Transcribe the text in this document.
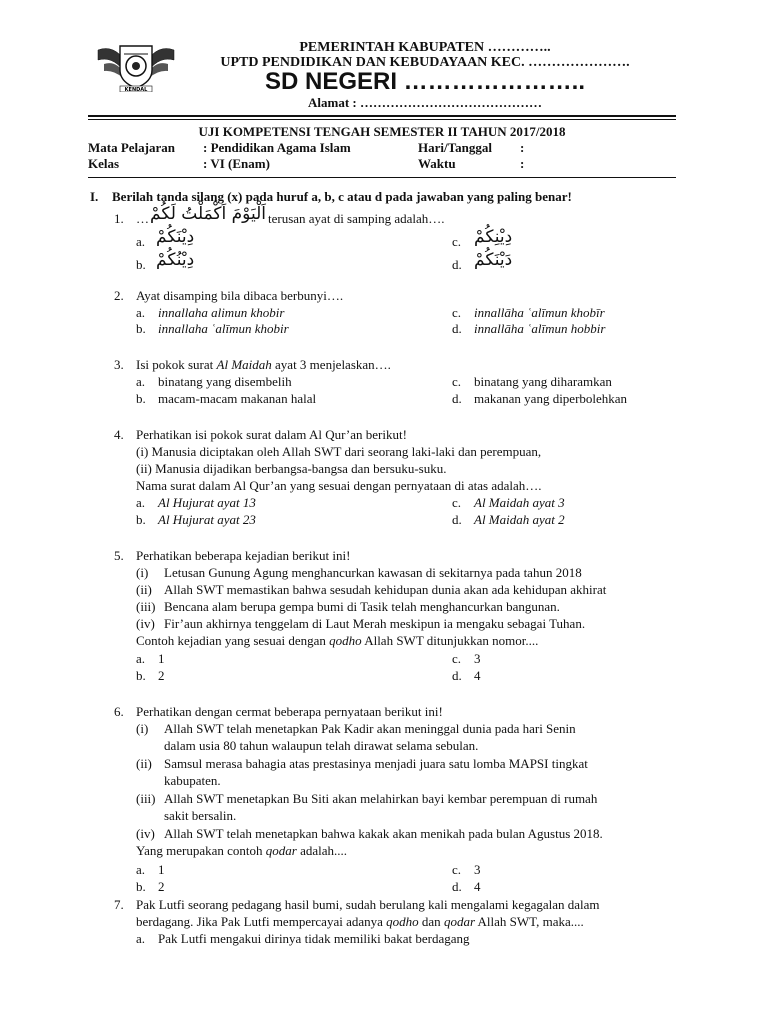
KENDAL
PEMERINTAH KABUPATEN …………..
UPTD PENDIDIKAN DAN KEBUDAYAAN KEC. ………………….
SD NEGERI …………………..
Alamat : ……………………………………
UJI KOMPETENSI TENGAH SEMESTER II TAHUN 2017/2018
Mata Pelajaran : Pendidikan Agama Islam	Hari/Tanggal :
Kelas	: VI (Enam)	Waktu	:
I. Berilah tanda silang (x) pada huruf a, b, c atau d pada jawaban yang paling benar!
1. … اَلْيَوْمَ اَكْمَلْتُ لَكُمْ terusan ayat di samping adalah….
a. دِيْنَكُمْ
b. دِيْنُكُمْ
c. دِيْنِكُمْ
d. دَيْنَكُمْ
2. Ayat disamping bila dibaca berbunyi….
a. innallaha alimun khobir
b. innallaha ʿalīmun khobir
c. innallāha ʿalīmun khobīr
d. innallāha ʿalīmun hobbir
3. Isi pokok surat Al Maidah ayat 3 menjelaskan….
a. binatang yang disembelih
b. macam-macam makanan halal
c. binatang yang diharamkan
d. makanan yang diperbolehkan
4. Perhatikan isi pokok surat dalam Al Qur’an berikut!
(i) Manusia diciptakan oleh Allah SWT dari seorang laki-laki dan perempuan,
(ii) Manusia dijadikan berbangsa-bangsa dan bersuku-suku.
Nama surat dalam Al Qur’an yang sesuai dengan pernyataan di atas adalah….
a. Al Hujurat ayat 13
b. Al Hujurat ayat 23
c. Al Maidah ayat 3
d. Al Maidah ayat 2
5. Perhatikan beberapa kejadian berikut ini!
(i) Letusan Gunung Agung menghancurkan kawasan di sekitarnya pada tahun 2018
(ii) Allah SWT memastikan bahwa sesudah kehidupan dunia akan ada kehidupan akhirat
(iii) Bencana alam berupa gempa bumi di Tasik telah menghancurkan bangunan.
(iv) Fir’aun akhirnya tenggelam di Laut Merah meskipun ia mengaku sebagai Tuhan.
Contoh kejadian yang sesuai dengan qodho Allah SWT ditunjukkan nomor....
a. 1
b. 2
c. 3
d. 4
6. Perhatikan dengan cermat beberapa pernyataan berikut ini!
(i) Allah SWT telah menetapkan Pak Kadir akan meninggal dunia pada hari Senin
dalam usia 80 tahun walaupun telah dirawat selama sebulan.
(ii) Samsul merasa bahagia atas prestasinya menjadi juara satu lomba MAPSI tingkat
kabupaten.
(iii) Allah SWT menetapkan Bu Siti akan melahirkan bayi kembar perempuan di rumah
sakit bersalin.
(iv) Allah SWT telah menetapkan bahwa kakak akan menikah pada bulan Agustus 2018.
Yang merupakan contoh qodar adalah....
a. 1
b. 2
c. 3
d. 4
7. Pak Lutfi seorang pedagang hasil bumi, sudah berulang kali mengalami kegagalan dalam
berdagang. Jika Pak Lutfi mempercayai adanya qodho dan qodar Allah SWT, maka....
a. Pak Lutfi mengakui dirinya tidak memiliki bakat berdagang
